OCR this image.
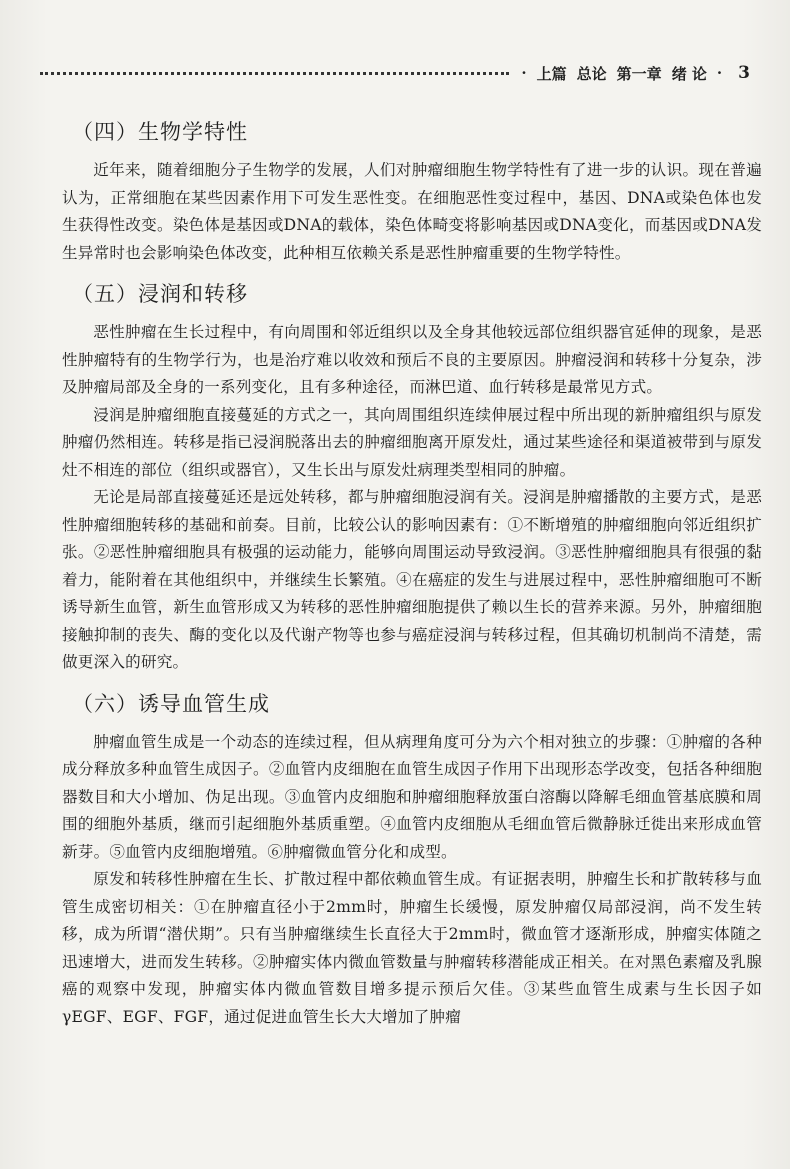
· 上篇 总论 第一章 绪 论 · 3
（四）生物学特性

近年来，随着细胞分子生物学的发展，人们对肿瘤细胞生物学特性有了进一步的认识。现在普遍认为，正常细胞在某些因素作用下可发生恶性变。在细胞恶性变过程中，基因、DNA或染色体也发生获得性改变。染色体是基因或DNA的载体，染色体畸变将影响基因或DNA变化，而基因或DNA发生异常时也会影响染色体改变，此种相互依赖关系是恶性肿瘤重要的生物学特性。

（五）浸润和转移

恶性肿瘤在生长过程中，有向周围和邻近组织以及全身其他较远部位组织器官延伸的现象，是恶性肿瘤特有的生物学行为，也是治疗难以收效和预后不良的主要原因。肿瘤浸润和转移十分复杂，涉及肿瘤局部及全身的一系列变化，且有多种途径，而淋巴道、血行转移是最常见方式。

浸润是肿瘤细胞直接蔓延的方式之一，其向周围组织连续伸展过程中所出现的新肿瘤组织与原发肿瘤仍然相连。转移是指已浸润脱落出去的肿瘤细胞离开原发灶，通过某些途径和渠道被带到与原发灶不相连的部位（组织或器官），又生长出与原发灶病理类型相同的肿瘤。

无论是局部直接蔓延还是远处转移，都与肿瘤细胞浸润有关。浸润是肿瘤播散的主要方式，是恶性肿瘤细胞转移的基础和前奏。目前，比较公认的影响因素有：①不断增殖的肿瘤细胞向邻近组织扩张。②恶性肿瘤细胞具有极强的运动能力，能够向周围运动导致浸润。③恶性肿瘤细胞具有很强的黏着力，能附着在其他组织中，并继续生长繁殖。④在癌症的发生与进展过程中，恶性肿瘤细胞可不断诱导新生血管，新生血管形成又为转移的恶性肿瘤细胞提供了赖以生长的营养来源。另外，肿瘤细胞接触抑制的丧失、酶的变化以及代谢产物等也参与癌症浸润与转移过程，但其确切机制尚不清楚，需做更深入的研究。

（六）诱导血管生成

肿瘤血管生成是一个动态的连续过程，但从病理角度可分为六个相对独立的步骤：①肿瘤的各种成分释放多种血管生成因子。②血管内皮细胞在血管生成因子作用下出现形态学改变，包括各种细胞器数目和大小增加、伪足出现。③血管内皮细胞和肿瘤细胞释放蛋白溶酶以降解毛细血管基底膜和周围的细胞外基质，继而引起细胞外基质重塑。④血管内皮细胞从毛细血管后微静脉迁徙出来形成血管新芽。⑤血管内皮细胞增殖。⑥肿瘤微血管分化和成型。

原发和转移性肿瘤在生长、扩散过程中都依赖血管生成。有证据表明，肿瘤生长和扩散转移与血管生成密切相关：①在肿瘤直径小于2mm时，肿瘤生长缓慢，原发肿瘤仅局部浸润，尚不发生转移，成为所谓“潜伏期”。只有当肿瘤继续生长直径大于2mm时，微血管才逐渐形成，肿瘤实体随之迅速增大，进而发生转移。②肿瘤实体内微血管数量与肿瘤转移潜能成正相关。在对黑色素瘤及乳腺癌的观察中发现，肿瘤实体内微血管数目增多提示预后欠佳。③某些血管生成素与生长因子如γEGF、EGF、FGF，通过促进血管生长大大增加了肿瘤
